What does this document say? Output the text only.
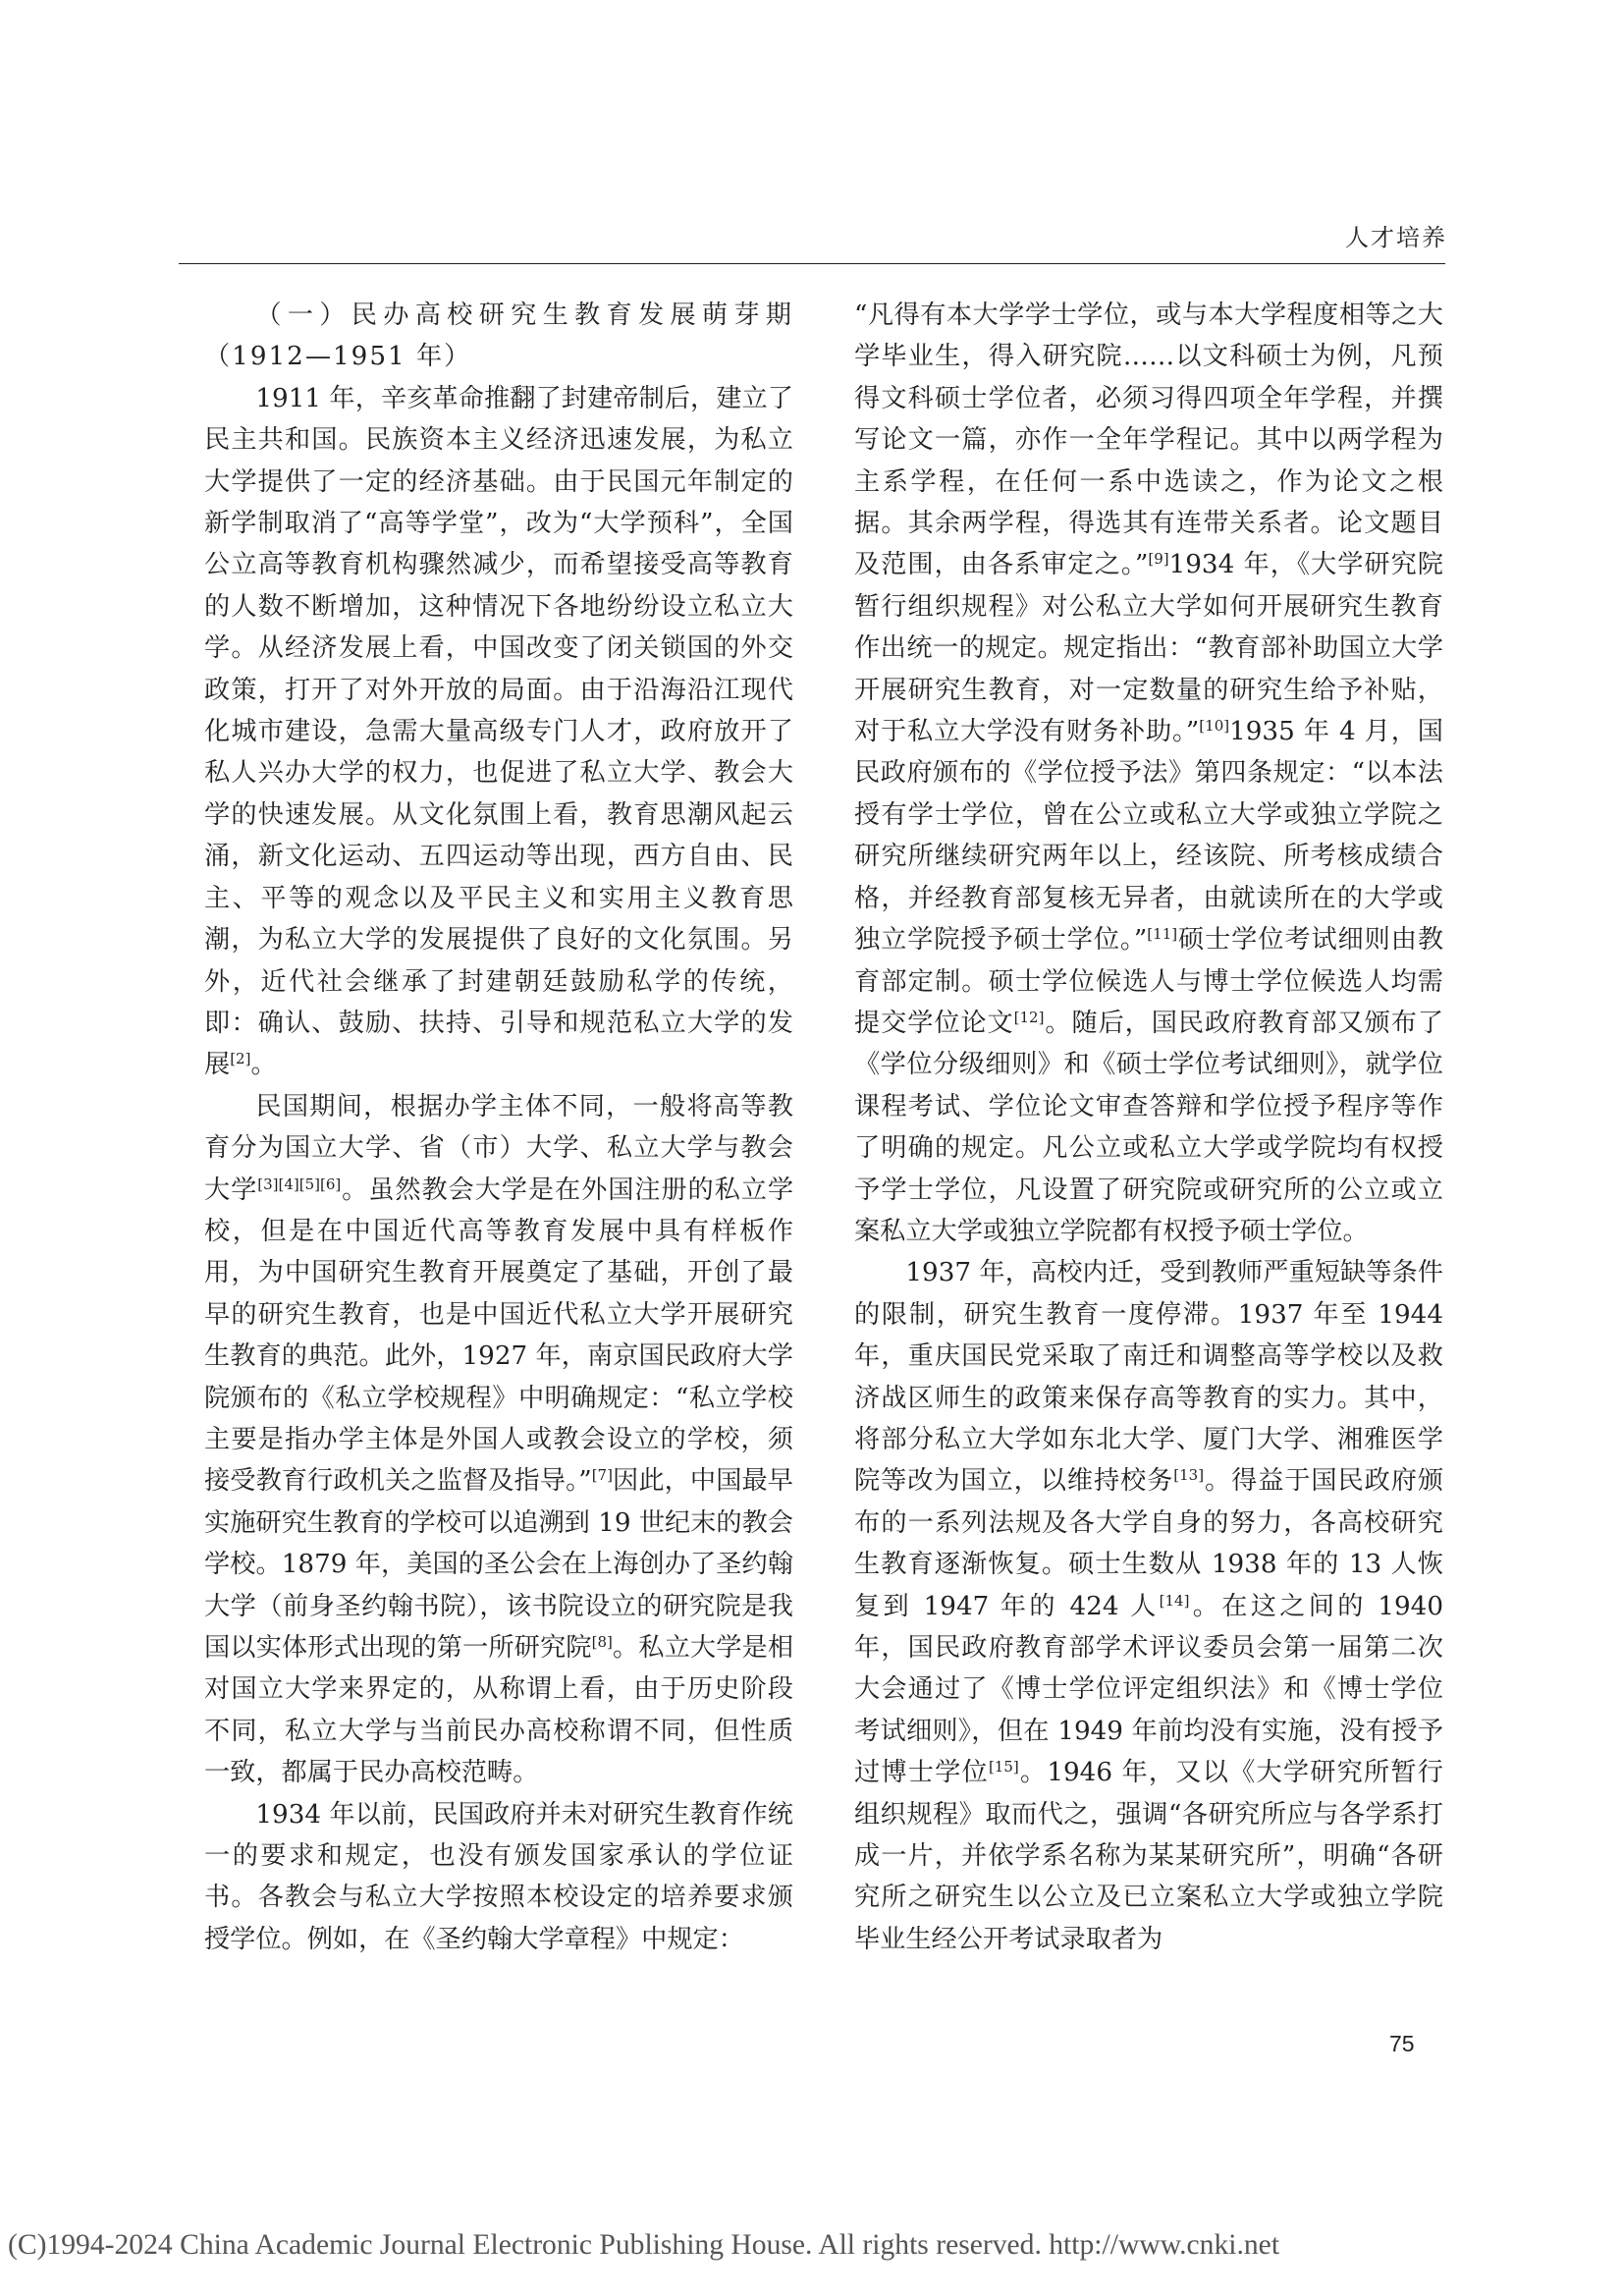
人才培养

（一）民办高校研究生教育发展萌芽期（1912—1951 年）

1911 年，辛亥革命推翻了封建帝制后，建立了民主共和国。民族资本主义经济迅速发展，为私立大学提供了一定的经济基础。由于民国元年制定的新学制取消了“高等学堂”，改为“大学预科”，全国公立高等教育机构骤然减少，而希望接受高等教育的人数不断增加，这种情况下各地纷纷设立私立大学。从经济发展上看，中国改变了闭关锁国的外交政策，打开了对外开放的局面。由于沿海沿江现代化城市建设，急需大量高级专门人才，政府放开了私人兴办大学的权力，也促进了私立大学、教会大学的快速发展。从文化氛围上看，教育思潮风起云涌，新文化运动、五四运动等出现，西方自由、民主、平等的观念以及平民主义和实用主义教育思潮，为私立大学的发展提供了良好的文化氛围。另外，近代社会继承了封建朝廷鼓励私学的传统，即：确认、鼓励、扶持、引导和规范私立大学的发展[2]。

民国期间，根据办学主体不同，一般将高等教育分为国立大学、省（市）大学、私立大学与教会大学[3][4][5][6]。虽然教会大学是在外国注册的私立学校，但是在中国近代高等教育发展中具有样板作用，为中国研究生教育开展奠定了基础，开创了最早的研究生教育，也是中国近代私立大学开展研究生教育的典范。此外，1927 年，南京国民政府大学院颁布的《私立学校规程》中明确规定：“私立学校主要是指办学主体是外国人或教会设立的学校，须接受教育行政机关之监督及指导。”[7]因此，中国最早实施研究生教育的学校可以追溯到 19 世纪末的教会学校。1879 年，美国的圣公会在上海创办了圣约翰大学（前身圣约翰书院），该书院设立的研究院是我国以实体形式出现的第一所研究院[8]。私立大学是相对国立大学来界定的，从称谓上看，由于历史阶段不同，私立大学与当前民办高校称谓不同，但性质一致，都属于民办高校范畴。

1934 年以前，民国政府并未对研究生教育作统一的要求和规定，也没有颁发国家承认的学位证书。各教会与私立大学按照本校设定的培养要求颁授学位。例如，在《圣约翰大学章程》中规定：

“凡得有本大学学士学位，或与本大学程度相等之大学毕业生，得入研究院……以文科硕士为例，凡预得文科硕士学位者，必须习得四项全年学程，并撰写论文一篇，亦作一全年学程记。其中以两学程为主系学程，在任何一系中选读之，作为论文之根据。其余两学程，得选其有连带关系者。论文题目及范围，由各系审定之。”[9]1934 年，《大学研究院暂行组织规程》对公私立大学如何开展研究生教育作出统一的规定。规定指出：“教育部补助国立大学开展研究生教育，对一定数量的研究生给予补贴，对于私立大学没有财务补助。”[10]1935 年 4 月，国民政府颁布的《学位授予法》第四条规定：“以本法授有学士学位，曾在公立或私立大学或独立学院之研究所继续研究两年以上，经该院、所考核成绩合格，并经教育部复核无异者，由就读所在的大学或独立学院授予硕士学位。”[11]硕士学位考试细则由教育部定制。硕士学位候选人与博士学位候选人均需提交学位论文[12]。随后，国民政府教育部又颁布了《学位分级细则》和《硕士学位考试细则》，就学位课程考试、学位论文审查答辩和学位授予程序等作了明确的规定。凡公立或私立大学或学院均有权授予学士学位，凡设置了研究院或研究所的公立或立案私立大学或独立学院都有权授予硕士学位。

1937 年，高校内迁，受到教师严重短缺等条件的限制，研究生教育一度停滞。1937 年至 1944 年，重庆国民党采取了南迁和调整高等学校以及救济战区师生的政策来保存高等教育的实力。其中，将部分私立大学如东北大学、厦门大学、湘雅医学院等改为国立，以维持校务[13]。得益于国民政府颁布的一系列法规及各大学自身的努力，各高校研究生教育逐渐恢复。硕士生数从 1938 年的 13 人恢复到 1947 年的 424 人[14]。在这之间的 1940 年，国民政府教育部学术评议委员会第一届第二次大会通过了《博士学位评定组织法》和《博士学位考试细则》，但在 1949 年前均没有实施，没有授予过博士学位[15]。1946 年，又以《大学研究所暂行组织规程》取而代之，强调“各研究所应与各学系打成一片，并依学系名称为某某研究所”，明确“各研究所之研究生以公立及已立案私立大学或独立学院毕业生经公开考试录取者为

75
(C)1994-2024 China Academic Journal Electronic Publishing House. All rights reserved. http://www.cnki.net
